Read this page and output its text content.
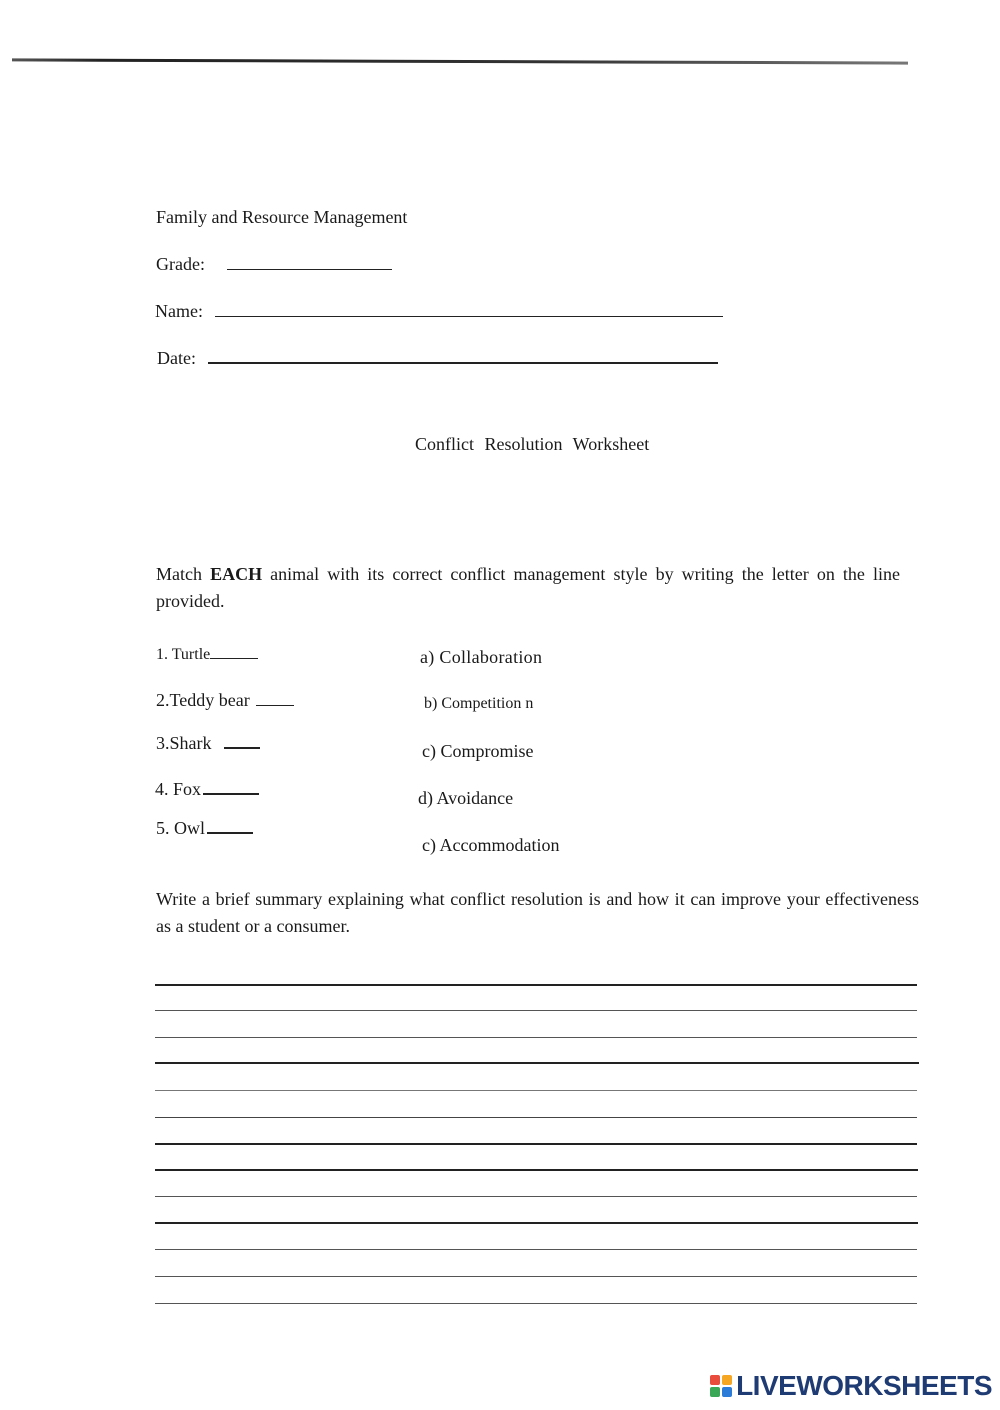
Family and Resource Management
Grade:
Name:
Date:
Conflict Resolution Worksheet
Match EACH animal with its correct conflict management style by writing the letter on the line provided.
1. Turtle
2.Teddy bear
3.Shark
4. Fox
5. Owl
a) Collaboration
b) Competition n
c) Compromise
d) Avoidance
c) Accommodation
Write a brief summary explaining what conflict resolution is and how it can improve your effectiveness as a student or a consumer.
LIVEWORKSHEETS
